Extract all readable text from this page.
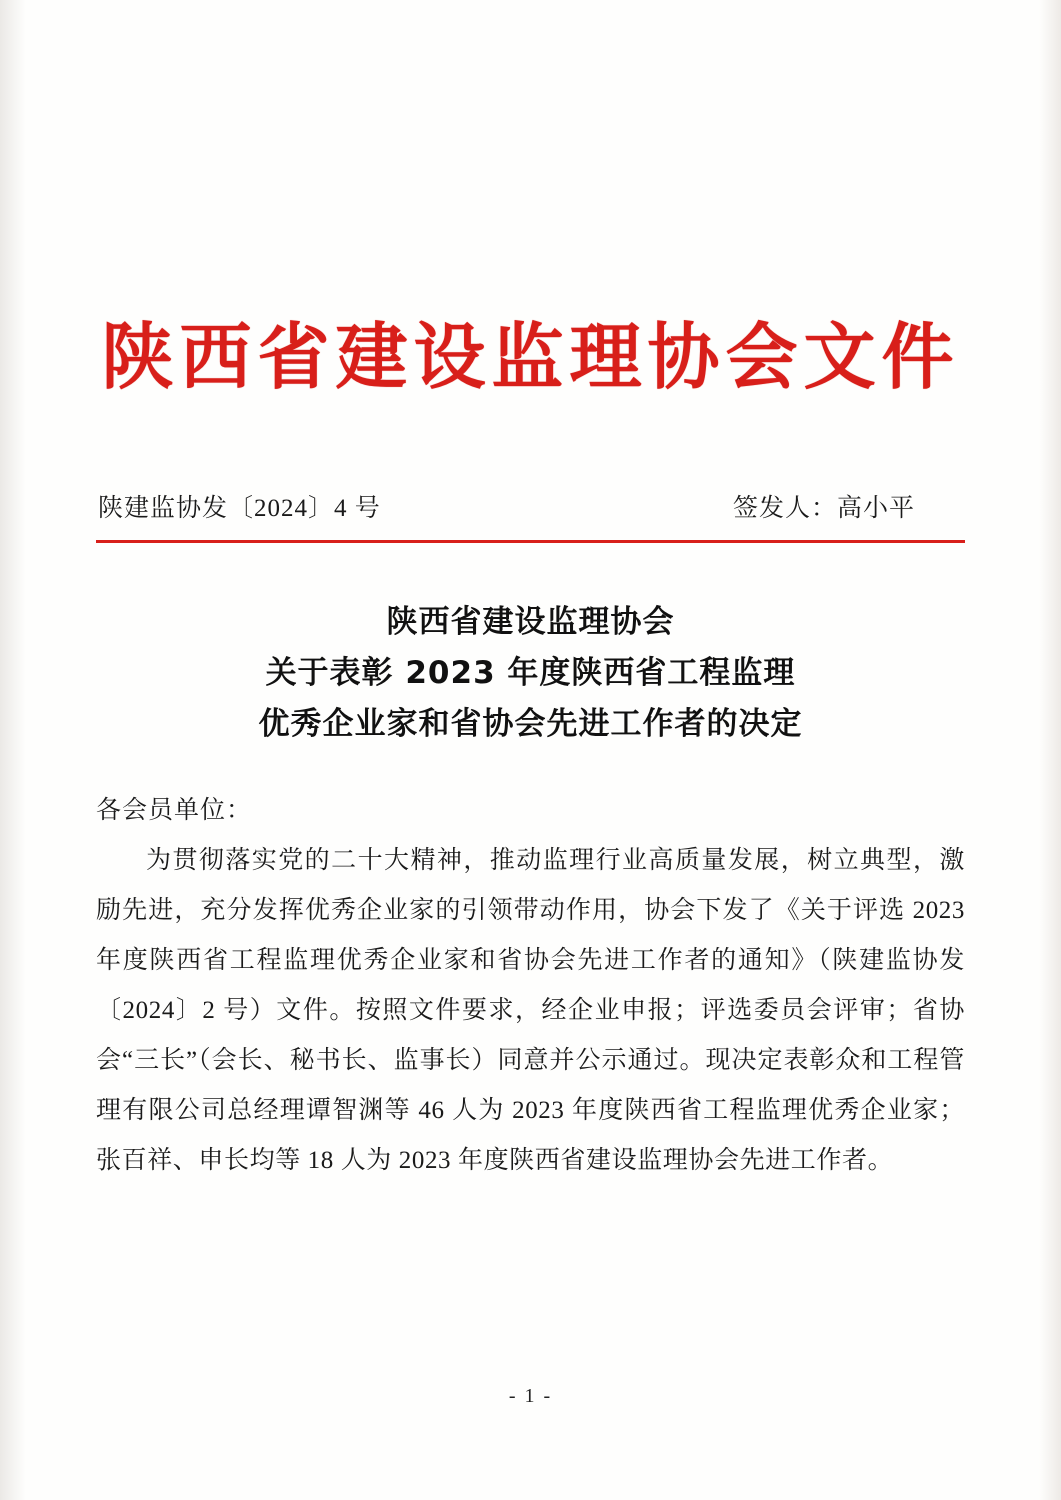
陕西省建设监理协会文件
陕建监协发〔2024〕4 号	签发人：高小平
陕西省建设监理协会
关于表彰 2023 年度陕西省工程监理
优秀企业家和省协会先进工作者的决定
各会员单位：

为贯彻落实党的二十大精神，推动监理行业高质量发展，树立典型，激励先进，充分发挥优秀企业家的引领带动作用，协会下发了《关于评选 2023 年度陕西省工程监理优秀企业家和省协会先进工作者的通知》（陕建监协发〔2024〕2 号）文件。按照文件要求，经企业申报；评选委员会评审；省协会“三长”（会长、秘书长、监事长）同意并公示通过。现决定表彰众和工程管理有限公司总经理谭智渊等 46 人为 2023 年度陕西省工程监理优秀企业家；张百祥、申长均等 18 人为 2023 年度陕西省建设监理协会先进工作者。

- 1 -
